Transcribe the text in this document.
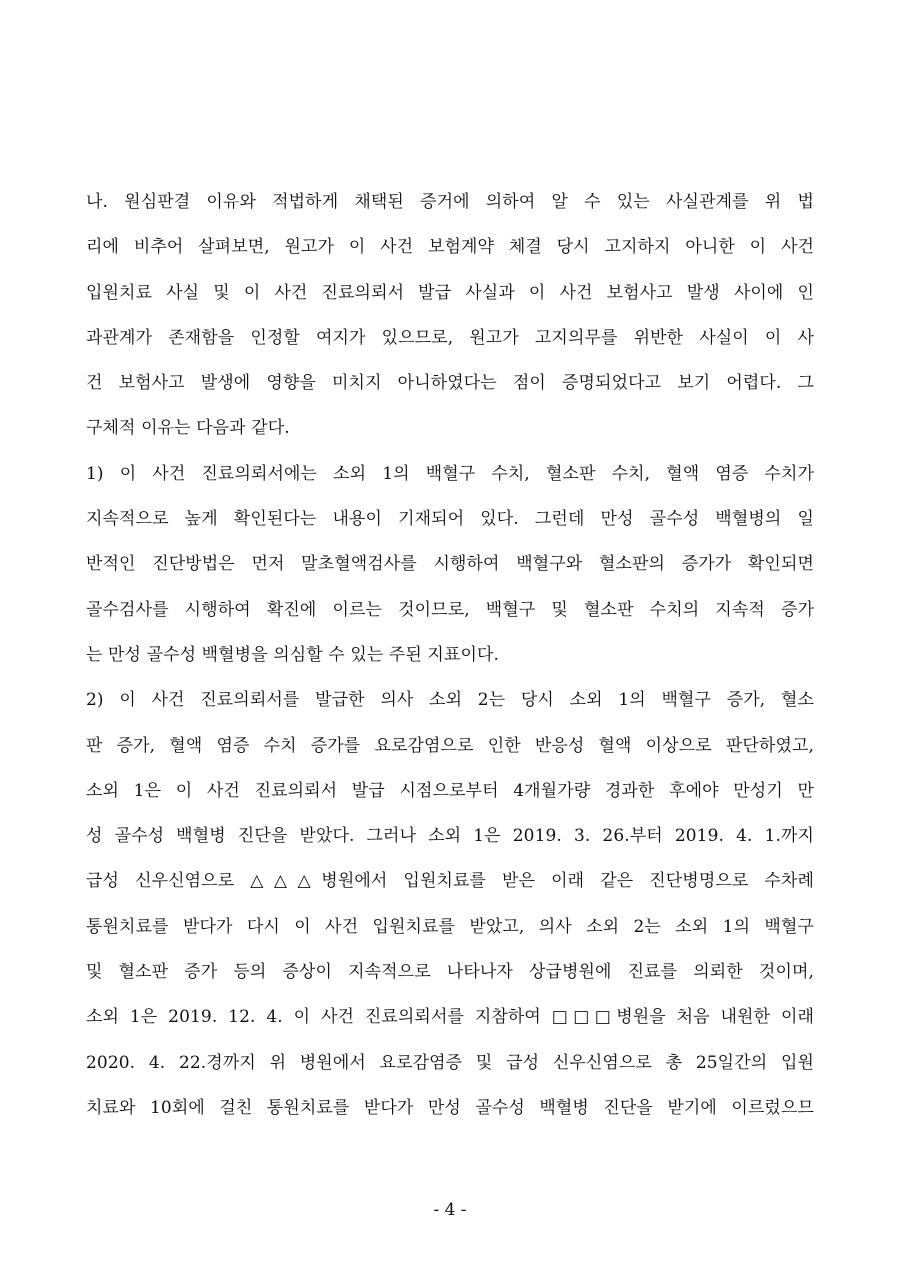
나. 원심판결 이유와 적법하게 채택된 증거에 의하여 알 수 있는 사실관계를 위 법
리에 비추어 살펴보면, 원고가 이 사건 보험계약 체결 당시 고지하지 아니한 이 사건
입원치료 사실 및 이 사건 진료의뢰서 발급 사실과 이 사건 보험사고 발생 사이에 인
과관계가 존재함을 인정할 여지가 있으므로, 원고가 고지의무를 위반한 사실이 이 사
건 보험사고 발생에 영향을 미치지 아니하였다는 점이 증명되었다고 보기 어렵다. 그
구체적 이유는 다음과 같다.
1) 이 사건 진료의뢰서에는 소외 1의 백혈구 수치, 혈소판 수치, 혈액 염증 수치가
지속적으로 높게 확인된다는 내용이 기재되어 있다. 그런데 만성 골수성 백혈병의 일
반적인 진단방법은 먼저 말초혈액검사를 시행하여 백혈구와 혈소판의 증가가 확인되면
골수검사를 시행하여 확진에 이르는 것이므로, 백혈구 및 혈소판 수치의 지속적 증가
는 만성 골수성 백혈병을 의심할 수 있는 주된 지표이다.
2) 이 사건 진료의뢰서를 발급한 의사 소외 2는 당시 소외 1의 백혈구 증가, 혈소
판 증가, 혈액 염증 수치 증가를 요로감염으로 인한 반응성 혈액 이상으로 판단하였고,
소외 1은 이 사건 진료의뢰서 발급 시점으로부터 4개월가량 경과한 후에야 만성기 만
성 골수성 백혈병 진단을 받았다. 그러나 소외 1은 2019. 3. 26.부터 2019. 4. 1.까지
급성 신우신염으로 △△△병원에서 입원치료를 받은 이래 같은 진단병명으로 수차례
통원치료를 받다가 다시 이 사건 입원치료를 받았고, 의사 소외 2는 소외 1의 백혈구
및 혈소판 증가 등의 증상이 지속적으로 나타나자 상급병원에 진료를 의뢰한 것이며,
소외 1은 2019. 12. 4. 이 사건 진료의뢰서를 지참하여 □□□병원을 처음 내원한 이래
2020. 4. 22.경까지 위 병원에서 요로감염증 및 급성 신우신염으로 총 25일간의 입원
치료와 10회에 걸친 통원치료를 받다가 만성 골수성 백혈병 진단을 받기에 이르렀으므
- 4 -
